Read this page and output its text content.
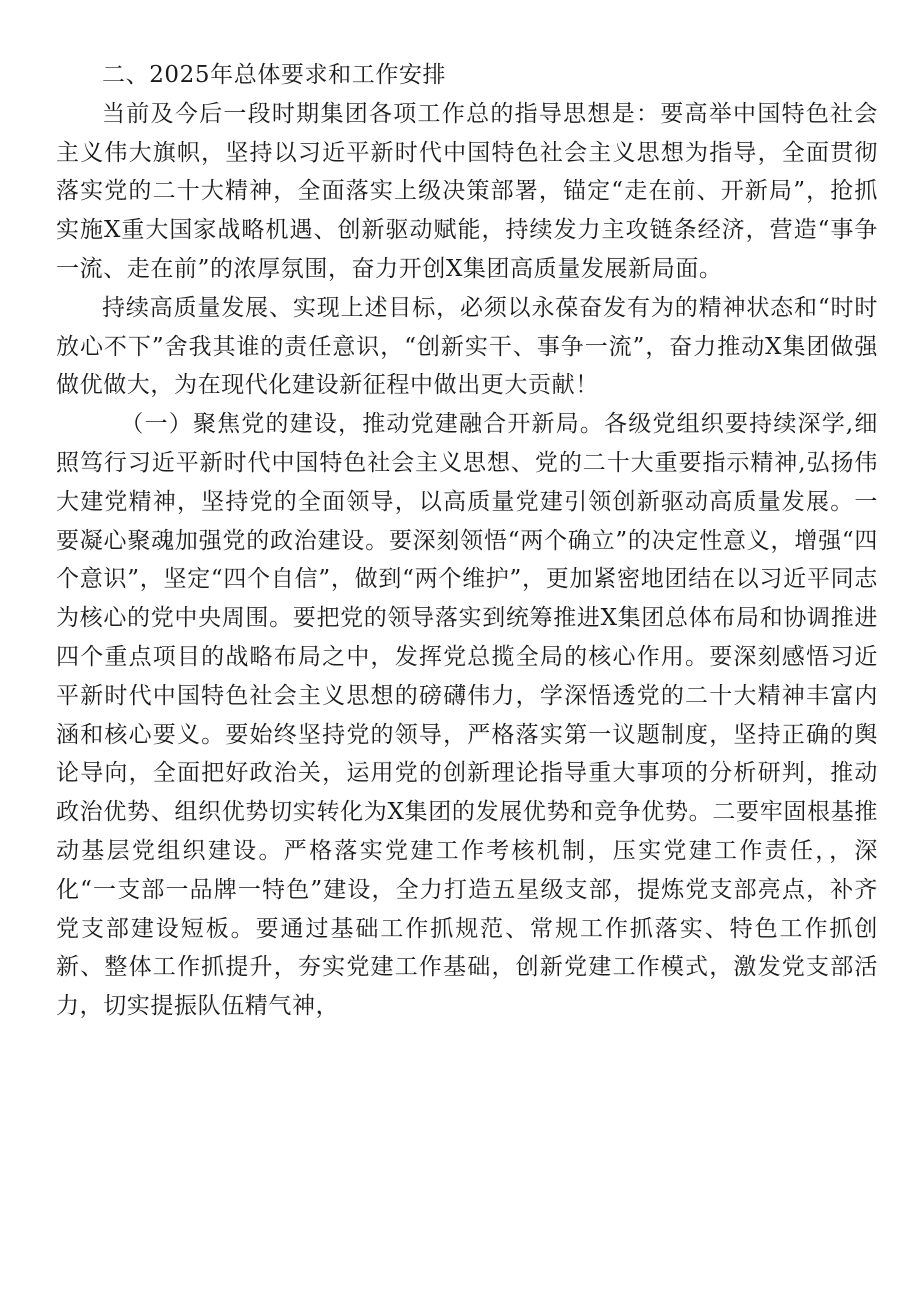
二、2025年总体要求和工作安排

当前及今后一段时期集团各项工作总的指导思想是：要高举中国特色社会主义伟大旗帜，坚持以习近平新时代中国特色社会主义思想为指导，全面贯彻落实党的二十大精神，全面落实上级决策部署，锚定“走在前、开新局”，抢抓实施X重大国家战略机遇、创新驱动赋能，持续发力主攻链条经济，营造“事争一流、走在前”的浓厚氛围，奋力开创X集团高质量发展新局面。

持续高质量发展、实现上述目标，必须以永葆奋发有为的精神状态和“时时放心不下”舍我其谁的责任意识，“创新实干、事争一流”，奋力推动X集团做强做优做大，为在现代化建设新征程中做出更大贡献！

（一）聚焦党的建设，推动党建融合开新局。各级党组织要持续深学,细照笃行习近平新时代中国特色社会主义思想、党的二十大重要指示精神,弘扬伟大建党精神，坚持党的全面领导，以高质量党建引领创新驱动高质量发展。一要凝心聚魂加强党的政治建设。要深刻领悟“两个确立”的决定性意义，增强“四个意识”，坚定“四个自信”，做到“两个维护”，更加紧密地团结在以习近平同志为核心的党中央周围。要把党的领导落实到统筹推进X集团总体布局和协调推进四个重点项目的战略布局之中，发挥党总揽全局的核心作用。要深刻感悟习近平新时代中国特色社会主义思想的磅礴伟力，学深悟透党的二十大精神丰富内涵和核心要义。要始终坚持党的领导，严格落实第一议题制度，坚持正确的舆论导向，全面把好政治关，运用党的创新理论指导重大事项的分析研判，推动政治优势、组织优势切实转化为X集团的发展优势和竞争优势。二要牢固根基推动基层党组织建设。严格落实党建工作考核机制，压实党建工作责任，，深化“一支部一品牌一特色”建设，全力打造五星级支部，提炼党支部亮点，补齐党支部建设短板。要通过基础工作抓规范、常规工作抓落实、特色工作抓创新、整体工作抓提升，夯实党建工作基础，创新党建工作模式，激发党支部活力，切实提振队伍精气神，
